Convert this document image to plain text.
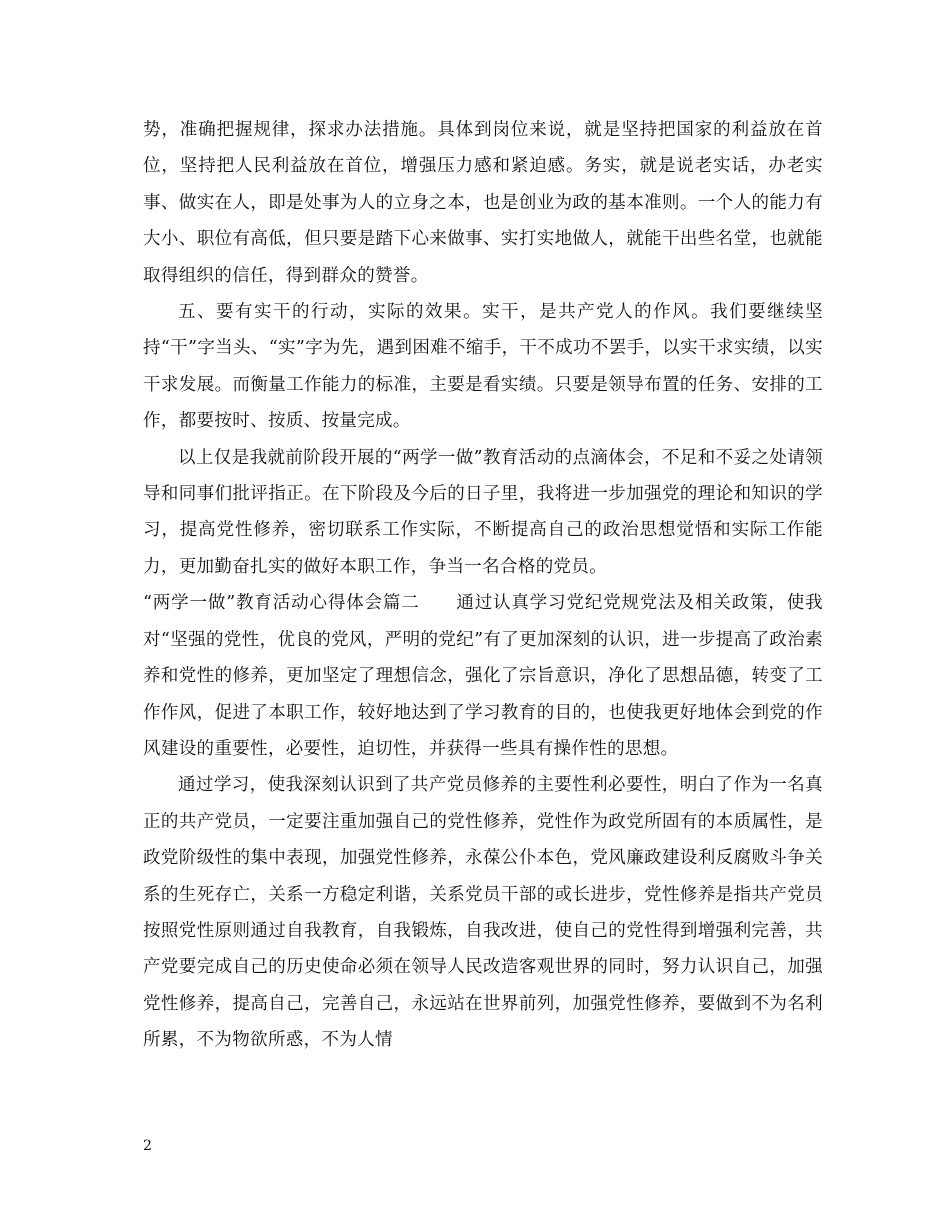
势，准确把握规律，探求办法措施。具体到岗位来说，就是坚持把国家的利益放在首位，坚持把人民利益放在首位，增强压力感和紧迫感。务实，就是说老实话，办老实事、做实在人，即是处事为人的立身之本，也是创业为政的基本准则。一个人的能力有大小、职位有高低，但只要是踏下心来做事、实打实地做人，就能干出些名堂，也就能取得组织的信任，得到群众的赞誉。

五、要有实干的行动，实际的效果。实干，是共产党人的作风。我们要继续坚持“干”字当头、“实”字为先，遇到困难不缩手，干不成功不罢手，以实干求实绩，以实干求发展。而衡量工作能力的标准，主要是看实绩。只要是领导布置的任务、安排的工作，都要按时、按质、按量完成。

以上仅是我就前阶段开展的“两学一做”教育活动的点滴体会，不足和不妥之处请领导和同事们批评指正。在下阶段及今后的日子里，我将进一步加强党的理论和知识的学习，提高党性修养，密切联系工作实际，不断提高自己的政治思想觉悟和实际工作能力，更加勤奋扎实的做好本职工作，争当一名合格的党员。

“两学一做”教育活动心得体会篇二　　通过认真学习党纪党规党法及相关政策，使我对“坚强的党性，优良的党风，严明的党纪”有了更加深刻的认识，进一步提高了政治素养和党性的修养，更加坚定了理想信念，强化了宗旨意识，净化了思想品德，转变了工作作风，促进了本职工作，较好地达到了学习教育的目的，也使我更好地体会到党的作风建设的重要性，必要性，迫切性，并获得一些具有操作性的思想。

通过学习，使我深刻认识到了共产党员修养的主要性利必要性，明白了作为一名真正的共产党员，一定要注重加强自己的党性修养，党性作为政党所固有的本质属性，是政党阶级性的集中表现，加强党性修养，永葆公仆本色，党风廉政建设利反腐败斗争关系的生死存亡，关系一方稳定利谐，关系党员干部的或长进步，党性修养是指共产党员按照党性原则通过自我教育，自我锻炼，自我改进，使自己的党性得到增强利完善，共产党要完成自己的历史使命必须在领导人民改造客观世界的同时，努力认识自己，加强党性修养，提高自己，完善自己，永远站在世界前列，加强党性修养，要做到不为名利所累，不为物欲所惑，不为人情

2
